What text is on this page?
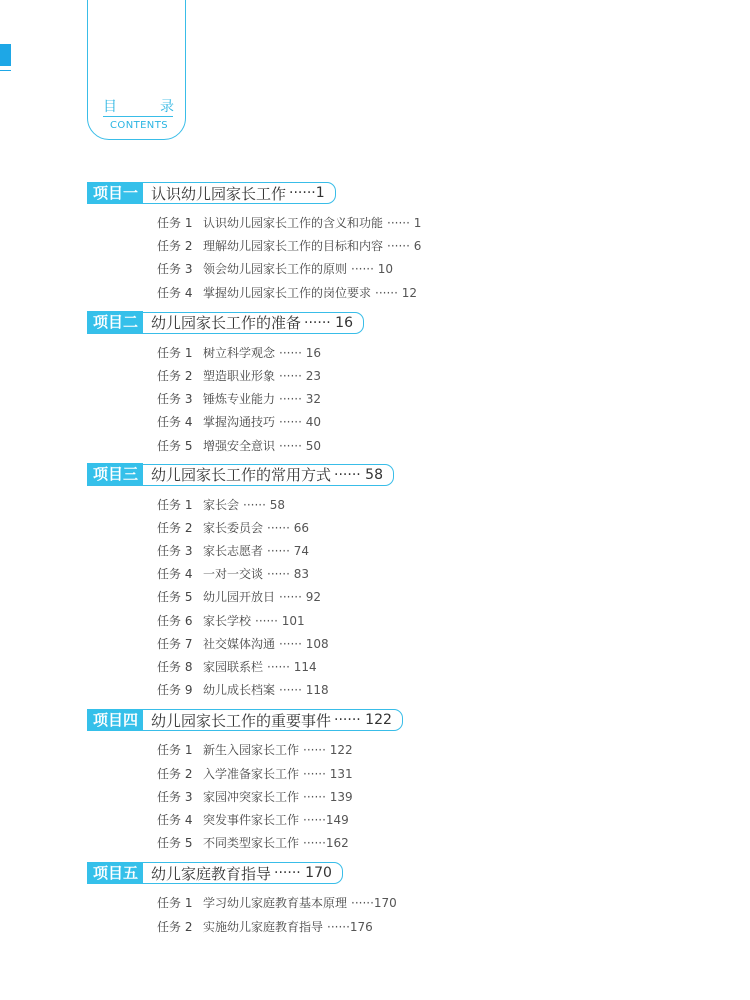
目	录
CONTENTS
项目一 认识幼儿园家长工作 ······1
任务 1 认识幼儿园家长工作的含义和功能 ······ 1
任务 2 理解幼儿园家长工作的目标和内容 ······ 6
任务 3 领会幼儿园家长工作的原则 ······ 10
任务 4 掌握幼儿园家长工作的岗位要求 ······ 12
项目二 幼儿园家长工作的准备 ······ 16
任务 1 树立科学观念 ······ 16
任务 2 塑造职业形象 ······ 23
任务 3 锤炼专业能力 ······ 32
任务 4 掌握沟通技巧 ······ 40
任务 5 增强安全意识 ······ 50
项目三 幼儿园家长工作的常用方式 ······ 58
任务 1 家长会 ······ 58
任务 2 家长委员会 ······ 66
任务 3 家长志愿者 ······ 74
任务 4 一对一交谈 ······ 83
任务 5 幼儿园开放日 ······ 92
任务 6 家长学校 ······ 101
任务 7 社交媒体沟通 ······ 108
任务 8 家园联系栏 ······ 114
任务 9 幼儿成长档案 ······ 118
项目四 幼儿园家长工作的重要事件 ······ 122
任务 1 新生入园家长工作 ······ 122
任务 2 入学准备家长工作 ······ 131
任务 3 家园冲突家长工作 ······ 139
任务 4 突发事件家长工作 ······149
任务 5 不同类型家长工作 ······162
项目五 幼儿家庭教育指导 ······ 170
任务 1 学习幼儿家庭教育基本原理 ······170
任务 2 实施幼儿家庭教育指导 ······176
